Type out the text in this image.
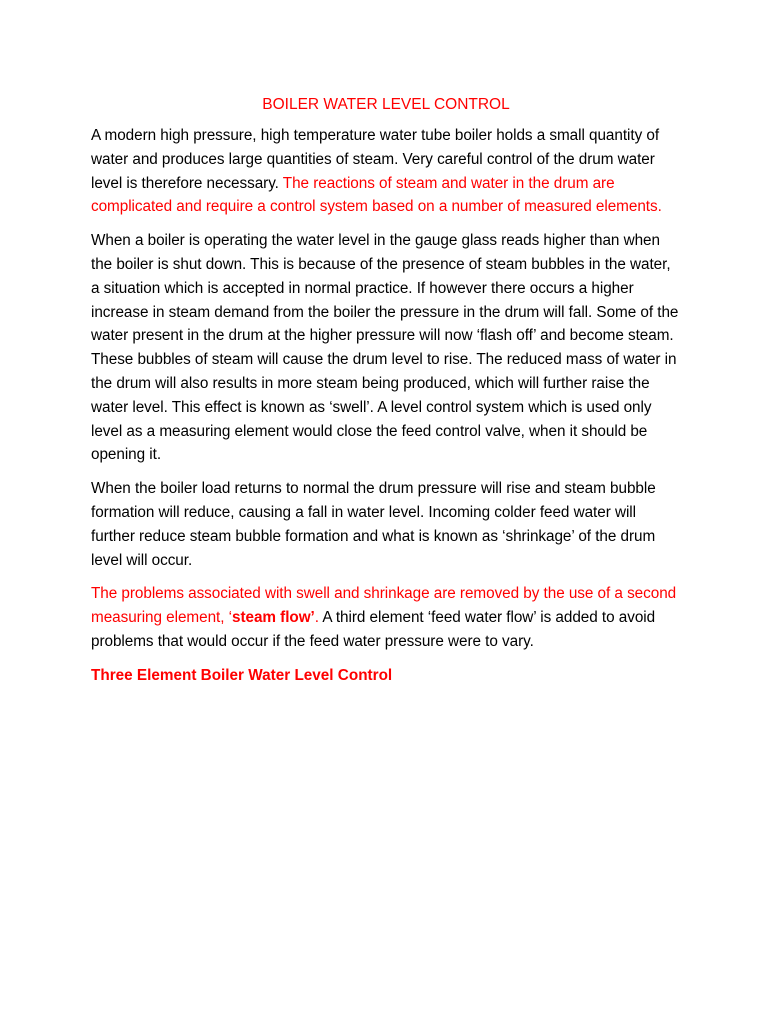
BOILER WATER LEVEL CONTROL

A modern high pressure, high temperature water tube boiler holds a small quantity of water and produces large quantities of steam. Very careful control of the drum water level is therefore necessary. The reactions of steam and water in the drum are complicated and require a control system based on a number of measured elements.

When a boiler is operating the water level in the gauge glass reads higher than when the boiler is shut down. This is because of the presence of steam bubbles in the water, a situation which is accepted in normal practice. If however there occurs a higher increase in steam demand from the boiler the pressure in the drum will fall. Some of the water present in the drum at the higher pressure will now ‘flash off’ and become steam. These bubbles of steam will cause the drum level to rise. The reduced mass of water in the drum will also results in more steam being produced, which will further raise the water level. This effect is known as ‘swell’. A level control system which is used only level as a measuring element would close the feed control valve, when it should be opening it.

When the boiler load returns to normal the drum pressure will rise and steam bubble formation will reduce, causing a fall in water level. Incoming colder feed water will further reduce steam bubble formation and what is known as ‘shrinkage’ of the drum level will occur.

The problems associated with swell and shrinkage are removed by the use of a second measuring element, ‘steam flow’. A third element ‘feed water flow’ is added to avoid problems that would occur if the feed water pressure were to vary.

Three Element Boiler Water Level Control
